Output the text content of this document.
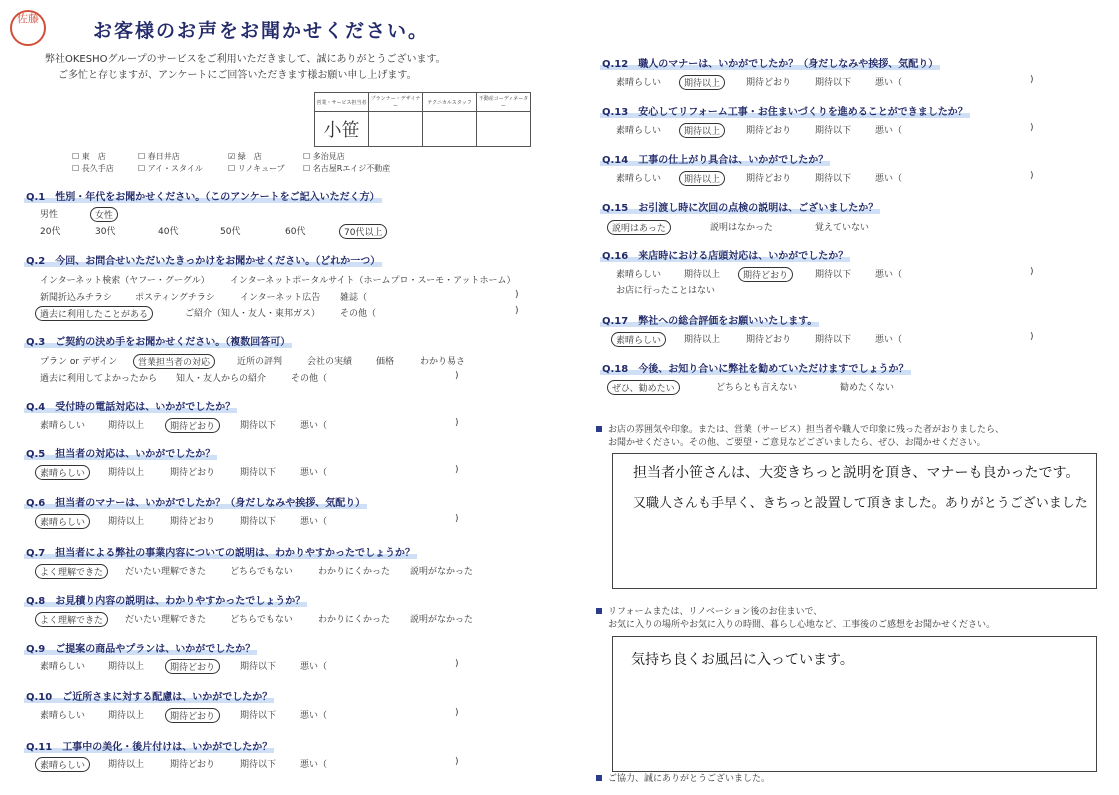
佐藤
お客様のお声をお聞かせください。
弊社OKESHOグループのサービスをご利用いただきまして、誠にありがとうございます。
ご多忙と存じますが、アンケートにご回答いただきます様お願い申し上げます。
営業・サービス担当者	プランナー・デザイナー	テクニカルスタッフ	不動産コーディネーター
小笹			
☐ 東　店	☐ 春日井店	☑ 緑　店	☐ 多治見店
☐ 長久手店	☐ アイ・スタイル	☐ リノキューブ ☐ 名古屋Rエイジ不動産
Q.1　性別・年代をお聞かせください。（このアンケートをご記入いただく方）
男性	女性
20代	30代	40代	50代	60代	70代以上
Q.2　今回、お問合せいただいたきっかけをお聞かせください。（どれか一つ）
インターネット検索（ヤフー・グーグル） インターネットポータルサイト（ホームプロ・スーモ・アットホーム）
新聞折込みチラシ	ポスティングチラシ	インターネット広告 雑誌（	)
過去に利用したことがある	ご紹介（知人・友人・東邦ガス） その他（	)
Q.3　ご契約の決め手をお聞かせください。（複数回答可）
プラン or デザイン	営業担当者の対応	近所の評判	会社の実績	価格	わかり易さ
過去に利用してよかったから 知人・友人からの紹介	その他（	)
Q.4　受付時の電話対応は、いかがでしたか？
素晴らしい	期待以上	期待どおり	期待以下	悪い（	)
Q.5　担当者の対応は、いかがでしたか？
素晴らしい	期待以上	期待どおり	期待以下	悪い（	)
Q.6　担当者のマナーは、いかがでしたか？（身だしなみや挨拶、気配り）
素晴らしい	期待以上	期待どおり	期待以下	悪い（	)
Q.7　担当者による弊社の事業内容についての説明は、わかりやすかったでしょうか？
よく理解できた	だいたい理解できた	どちらでもない	わかりにくかった 説明がなかった
Q.8　お見積り内容の説明は、わかりやすかったでしょうか？
よく理解できた	だいたい理解できた	どちらでもない	わかりにくかった 説明がなかった
Q.9　ご提案の商品やプランは、いかがでしたか？
素晴らしい	期待以上	期待どおり	期待以下	悪い（	)
Q.10　ご近所さまに対する配慮は、いかがでしたか？
素晴らしい	期待以上	期待どおり	期待以下	悪い（	)
Q.11　工事中の美化・後片付けは、いかがでしたか？
素晴らしい	期待以上	期待どおり	期待以下	悪い（	)
Q.12　職人のマナーは、いかがでしたか？（身だしなみや挨拶、気配り）
素晴らしい	期待以上	期待どおり	期待以下	悪い（	)
Q.13　安心してリフォーム工事・お住まいづくりを進めることができましたか？
素晴らしい	期待以上	期待どおり	期待以下	悪い（	)
Q.14　工事の仕上がり具合は、いかがでしたか？
素晴らしい	期待以上	期待どおり	期待以下	悪い（	)
Q.15　お引渡し時に次回の点検の説明は、ございましたか？
説明はあった	説明はなかった	覚えていない
Q.16　来店時における店頭対応は、いかがでしたか？
素晴らしい	期待以上	期待どおり	期待以下	悪い（	)
お店に行ったことはない
Q.17　弊社への総合評価をお願いいたします。
素晴らしい	期待以上	期待どおり	期待以下	悪い（	)
Q.18　今後、お知り合いに弊社を勧めていただけますでしょうか？
ぜひ、勧めたい	どちらとも言えない	勧めたくない
お店の雰囲気や印象。または、営業（サービス）担当者や職人で印象に残った者がおりましたら、
お聞かせください。その他、ご要望・ご意見などございましたら、ぜひ、お聞かせください。
担当者小笹さんは、大変きちっと説明を頂き、マナーも良かったです。
又職人さんも手早く、きちっと設置して頂きました。ありがとうございました
リフォームまたは、リノベーション後のお住まいで、
お気に入りの場所やお気に入りの時間、暮らし心地など、工事後のご感想をお聞かせください。
気持ち良くお風呂に入っています。
ご協力、誠にありがとうございました。
